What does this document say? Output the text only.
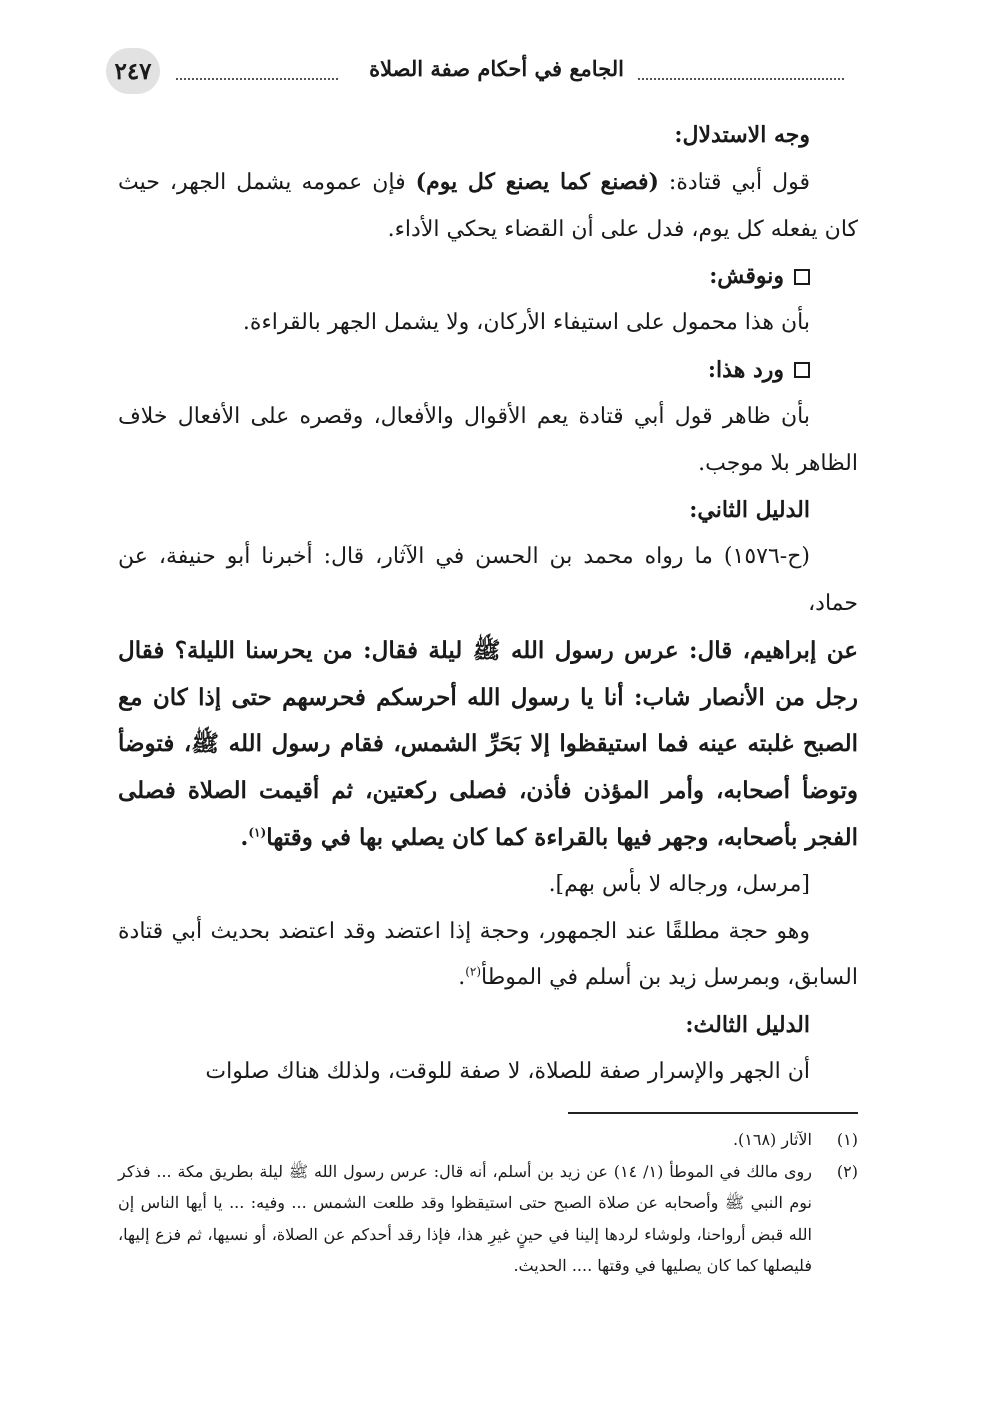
الجامع في أحكام صفة الصلاة
٢٤٧
وجه الاستدلال:

قول أبي قتادة: (فصنع كما يصنع كل يوم) فإن عمومه يشمل الجهر، حيث كان يفعله كل يوم، فدل على أن القضاء يحكي الأداء.

ونوقش:

بأن هذا محمول على استيفاء الأركان، ولا يشمل الجهر بالقراءة.

ورد هذا:

بأن ظاهر قول أبي قتادة يعم الأقوال والأفعال، وقصره على الأفعال خلاف الظاهر بلا موجب.

الدليل الثاني:

(ح-١٥٧٦) ما رواه محمد بن الحسن في الآثار، قال: أخبرنا أبو حنيفة، عن حماد،

عن إبراهيم، قال: عرس رسول الله ﷺ ليلة فقال: من يحرسنا الليلة؟ فقال رجل من الأنصار شاب: أنا يا رسول الله أحرسكم فحرسهم حتى إذا كان مع الصبح غلبته عينه فما استيقظوا إلا بَحَرِّ الشمس، فقام رسول الله ﷺ، فتوضأ وتوضأ أصحابه، وأمر المؤذن فأذن، فصلى ركعتين، ثم أقيمت الصلاة فصلى الفجر بأصحابه، وجهر فيها بالقراءة كما كان يصلي بها في وقتها$^{(١)}$.

[مرسل، ورجاله لا بأس بهم].

وهو حجة مطلقًا عند الجمهور، وحجة إذا اعتضد وقد اعتضد بحديث أبي قتادة السابق، وبمرسل زيد بن أسلم في الموطأ$^{(٢)}$.

الدليل الثالث:

أن الجهر والإسرار صفة للصلاة، لا صفة للوقت، ولذلك هناك صلوات

(١)
الآثار (١٦٨).
(٢)
روى مالك في الموطأ (١/ ١٤) عن زيد بن أسلم، أنه قال: عرس رسول الله ﷺ ليلة بطريق مكة ... فذكر نوم النبي ﷺ وأصحابه عن صلاة الصبح حتى استيقظوا وقد طلعت الشمس ... وفيه: ... يا أيها الناس إن الله قبض أرواحنا، ولوشاء لردها إلينا في حينٍ غيرِ هذا، فإذا رقد أحدكم عن الصلاة، أو نسيها، ثم فزع إليها، فليصلها كما كان يصليها في وقتها .... الحديث.
